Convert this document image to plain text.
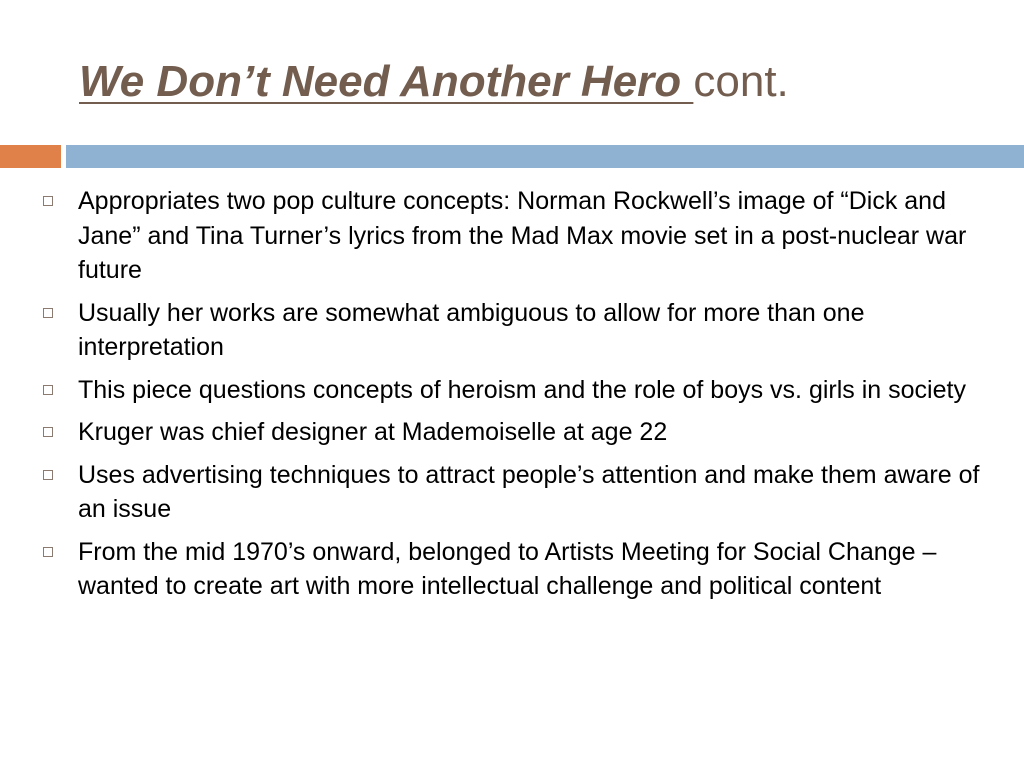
We Don’t Need Another Hero cont.
Appropriates two pop culture concepts: Norman Rockwell’s image of “Dick and Jane” and Tina Turner’s lyrics from the Mad Max movie set in a post-nuclear war future
Usually her works are somewhat ambiguous to allow for more than one interpretation
This piece questions concepts of heroism and the role of boys vs. girls in society
Kruger was chief designer at Mademoiselle at age 22
Uses advertising techniques to attract people’s attention and make them aware of an issue
From the mid 1970’s onward, belonged to Artists Meeting for Social Change – wanted to create art with more intellectual challenge and political content
